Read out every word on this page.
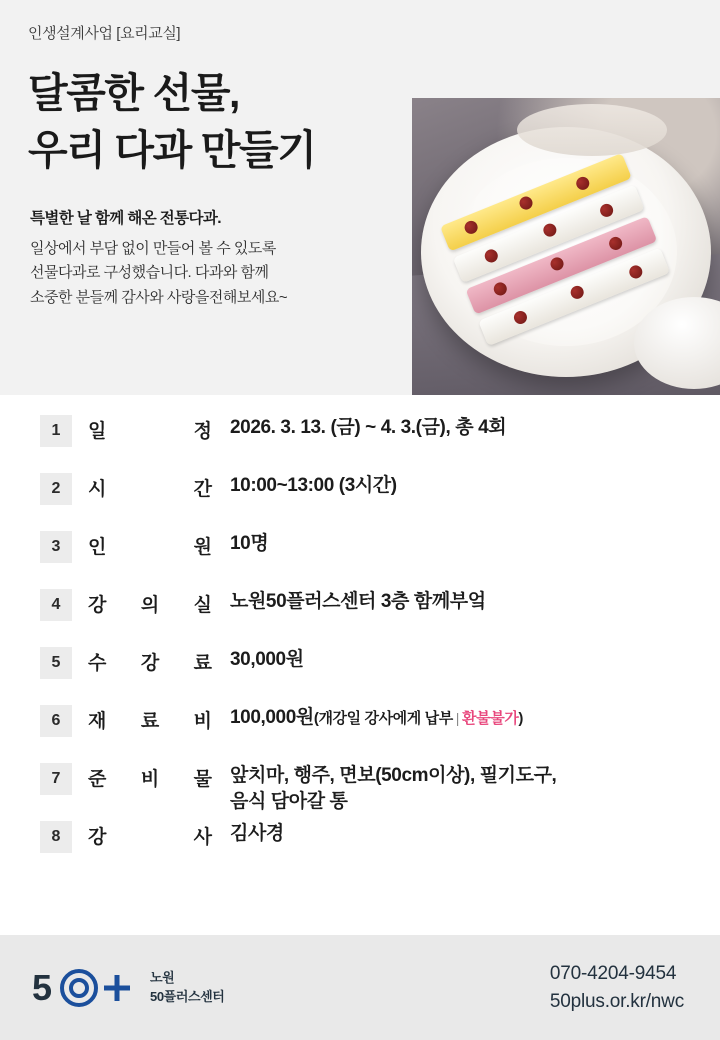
인생설계사업 [요리교실]
달콤한 선물,
우리 다과 만들기
특별한 날 함께 해온 전통다과.
일상에서 부담 없이 만들어 볼 수 있도록
선물다과로 구성했습니다. 다과와 함께
소중한 분들께 감사와 사랑을전해보세요~
1	일	정 2026. 3. 13. (금) ~ 4. 3.(금), 총 4회
2	시	간 10:00~13:00 (3시간)
3	인	원 10명
4	강 의 실 노원50플러스센터 3층 함께부엌
5	수 강 료 30,000원
6	재 료 비 100,000원(개강일 강사에게 납부 | 환불불가)
7	준 비 물 앞치마, 행주, 면보(50cm이상), 필기도구,
음식 담아갈 통
8	강	사 김사경
5	노원
50플러스센터
070-4204-9454
50plus.or.kr/nwc
